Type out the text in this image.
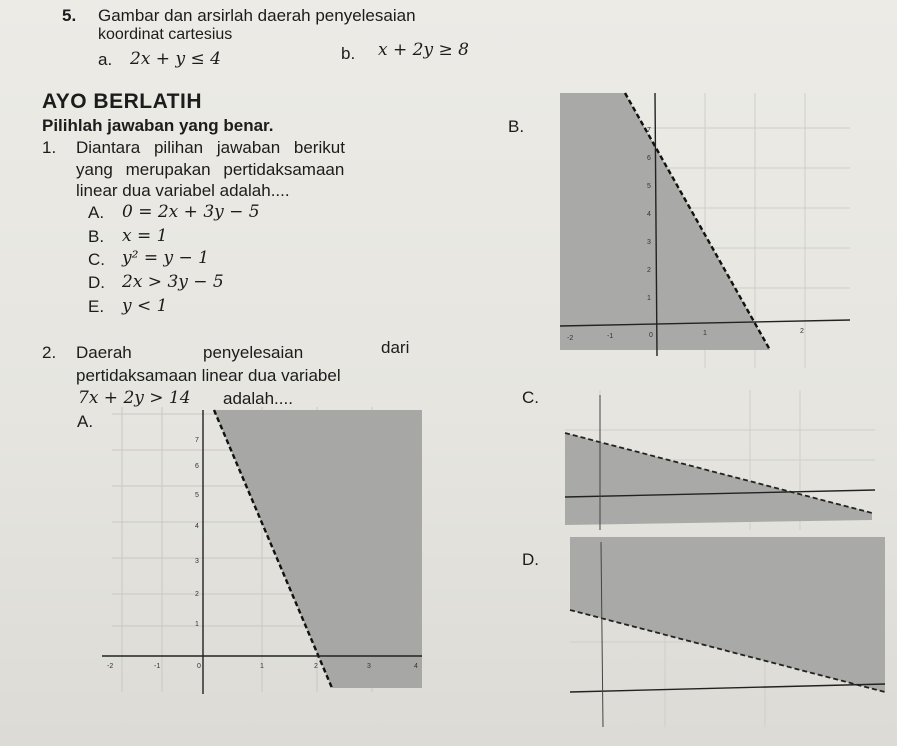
5. Gambar dan arsirlah daerah penyelesaian
koordinat cartesius
a. 2x + y ≤ 4	b. x + 2y ≥ 8
AYO BERLATIH
Pilihlah jawaban yang benar.
1. Diantara pilihan jawaban berikut
yang merupakan pertidaksamaan
linear dua variabel adalah....
A. 0 = 2x + 3y − 5
B. x = 1
C. y² = y − 1
D. 2x > 3y − 5
E. y < 1
2. Daerah	penyelesaian	dari
pertidaksamaan linear dua variabel
7x + 2y > 14 adalah....
A.
B.
C.
D.
-2	-1	0	1	2	3	4
1
2
3
4
5
6
7
-2	-1	0	1	2
1
2
3
4
5
6
7
